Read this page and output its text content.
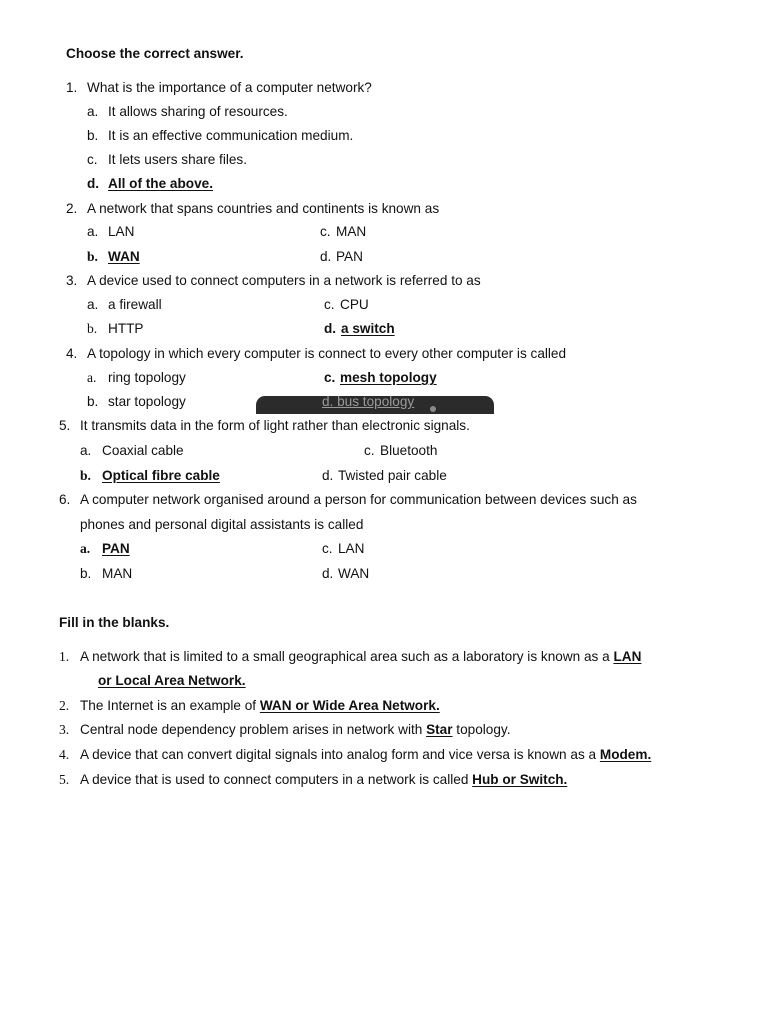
Choose the correct answer.
1. What is the importance of a computer network?
a. It allows sharing of resources.
b. It is an effective communication medium.
c. It lets users share files.
d. All of the above.
2. A network that spans countries and continents is known as
a. LAN	c. MAN
b. WAN	d. PAN
3. A device used to connect computers in a network is referred to as
a. a firewall	c. CPU
b. HTTP	d. a switch
4. A topology in which every computer is connect to every other computer is called
a. ring topology	c. mesh topology
b. star topology	d. bus topology
5. It transmits data in the form of light rather than electronic signals.
a. Coaxial cable	c. Bluetooth
b. Optical fibre cable	d. Twisted pair cable
6. A computer network organised around a person for communication between devices such as
phones and personal digital assistants is called
a. PAN	c. LAN
b. MAN	d. WAN
Fill in the blanks.
1. A network that is limited to a small geographical area such as a laboratory is known as a LAN
or Local Area Network.
2. The Internet is an example of WAN or Wide Area Network.
3. Central node dependency problem arises in network with Star topology.
4. A device that can convert digital signals into analog form and vice versa is known as a Modem.
5. A device that is used to connect computers in a network is called Hub or Switch.
